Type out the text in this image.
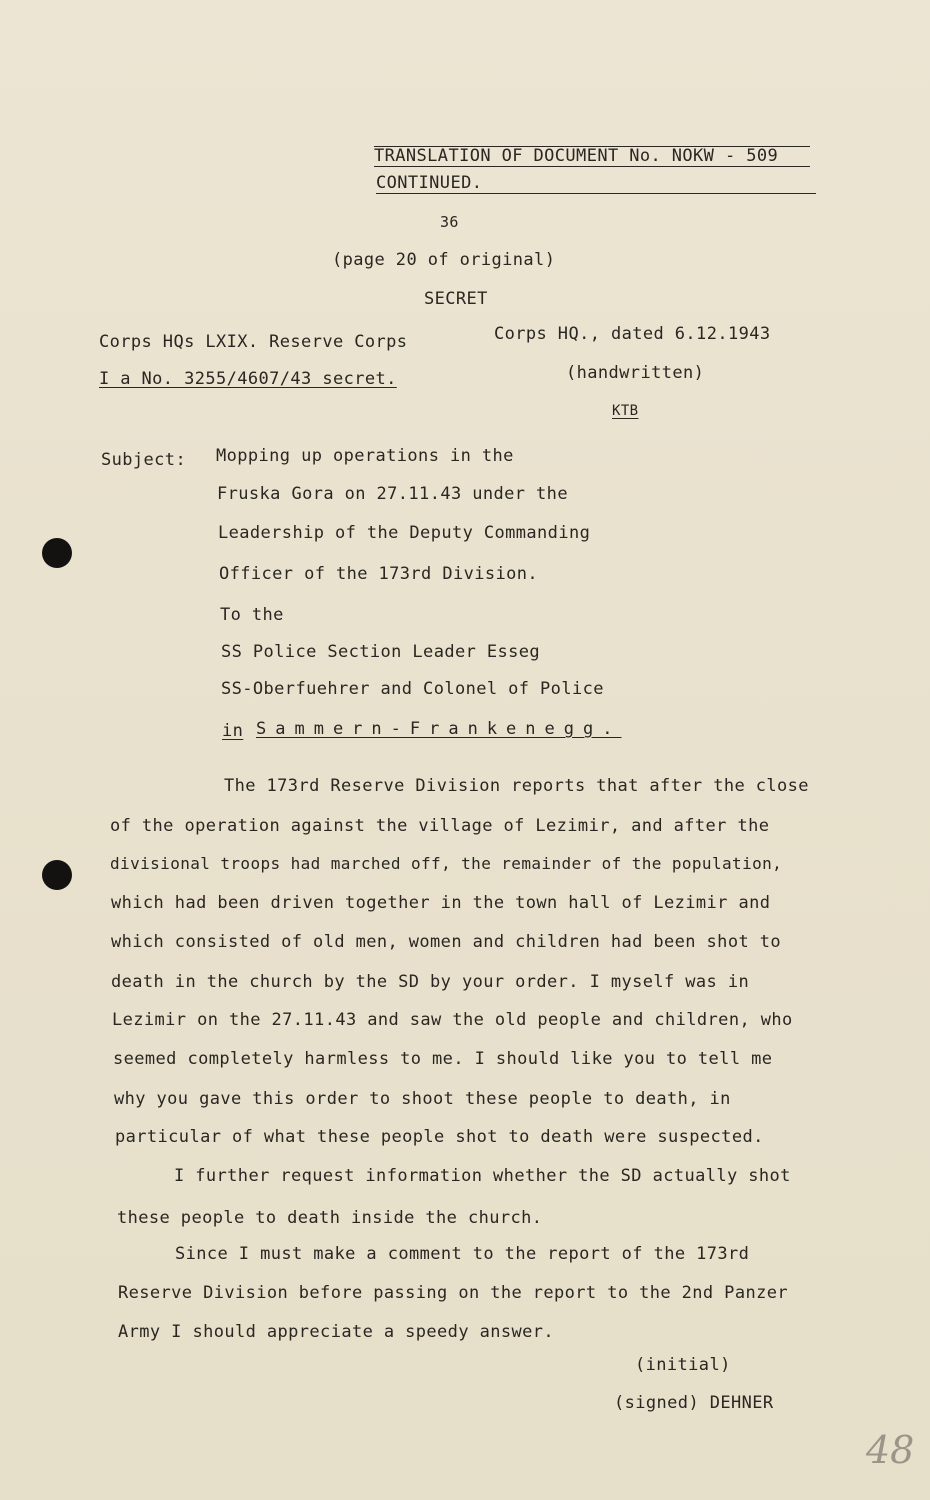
TRANSLATION OF DOCUMENT No. NOKW - 509
CONTINUED.
36
(page 20 of original)
SECRET
Corps HQs LXIX. Reserve Corps
I a No. 3255/4607/43 secret.
Corps HQ., dated 6.12.1943
(handwritten)
KTB
Subject: Mopping up operations in the
Fruska Gora on 27.11.43 under the
Leadership of the Deputy Commanding
Officer of the 173rd Division.
To the
SS Police Section Leader Esseg
SS-Oberfuehrer and Colonel of Police
in Sammern-Frankenegg.
The 173rd Reserve Division reports that after the close
of the operation against the village of Lezimir, and after the
divisional troops had marched off, the remainder of the population,
which had been driven together in the town hall of Lezimir and
which consisted of old men, women and children had been shot to
death in the church by the SD by your order. I myself was in
Lezimir on the 27.11.43 and saw the old people and children, who
seemed completely harmless to me. I should like you to tell me
why you gave this order to shoot these people to death, in
particular of what these people shot to death were suspected.
I further request information whether the SD actually shot
these people to death inside the church.
Since I must make a comment to the report of the 173rd
Reserve Division before passing on the report to the 2nd Panzer
Army I should appreciate a speedy answer.
(initial)
(signed) DEHNER
48
